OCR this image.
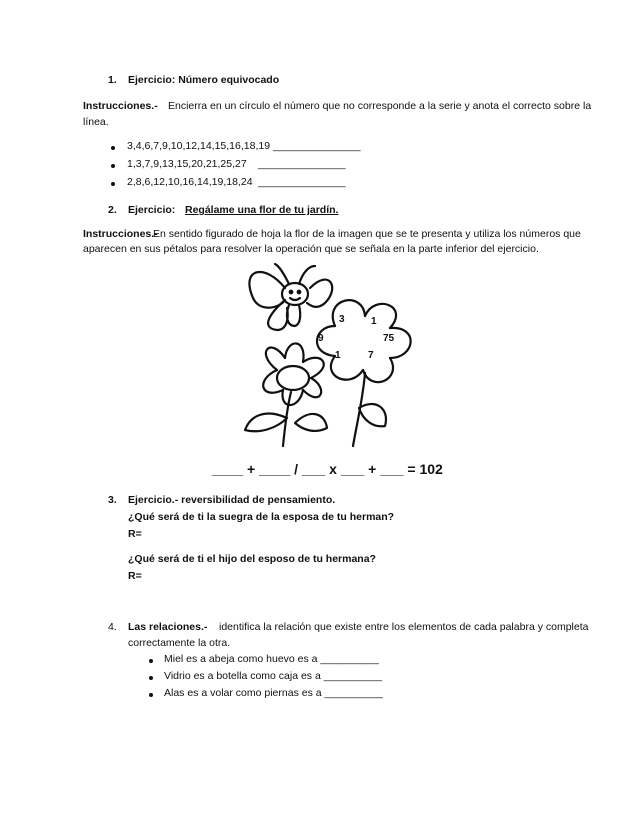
1. Ejercicio: Número equivocado
Instrucciones.- Encierra en un círculo el número que no corresponde a la serie y anota el correcto sobre la
línea.
3,4,6,7,9,10,12,14,15,16,18,19 _______________
1,3,7,9,13,15,20,21,25,27 _______________
2,8,6,12,10,16,14,19,18,24 _______________
2. Ejercicio: Regálame una flor de tu jardín.
Instrucciones.-
En sentido figurado de hoja la flor de la imagen que se te presenta y utiliza los números que
aparecen en sus pétalos para resolver la operación que se señala en la parte inferior del ejercicio.
3	1
9	75
1	7
____ + ____ / ___ x ___ + ___ = 102
3. Ejercicio.- reversibilidad de pensamiento.
¿Qué será de ti la suegra de la esposa de tu herman?
R=
¿Qué será de ti el hijo del esposo de tu hermana?
R=
4. Las relaciones.- identifica la relación que existe entre los elementos de cada palabra y completa
correctamente la otra.
Miel es a abeja como huevo es a __________
Vidrio es a botella como caja es a __________
Alas es a volar como piernas es a __________
